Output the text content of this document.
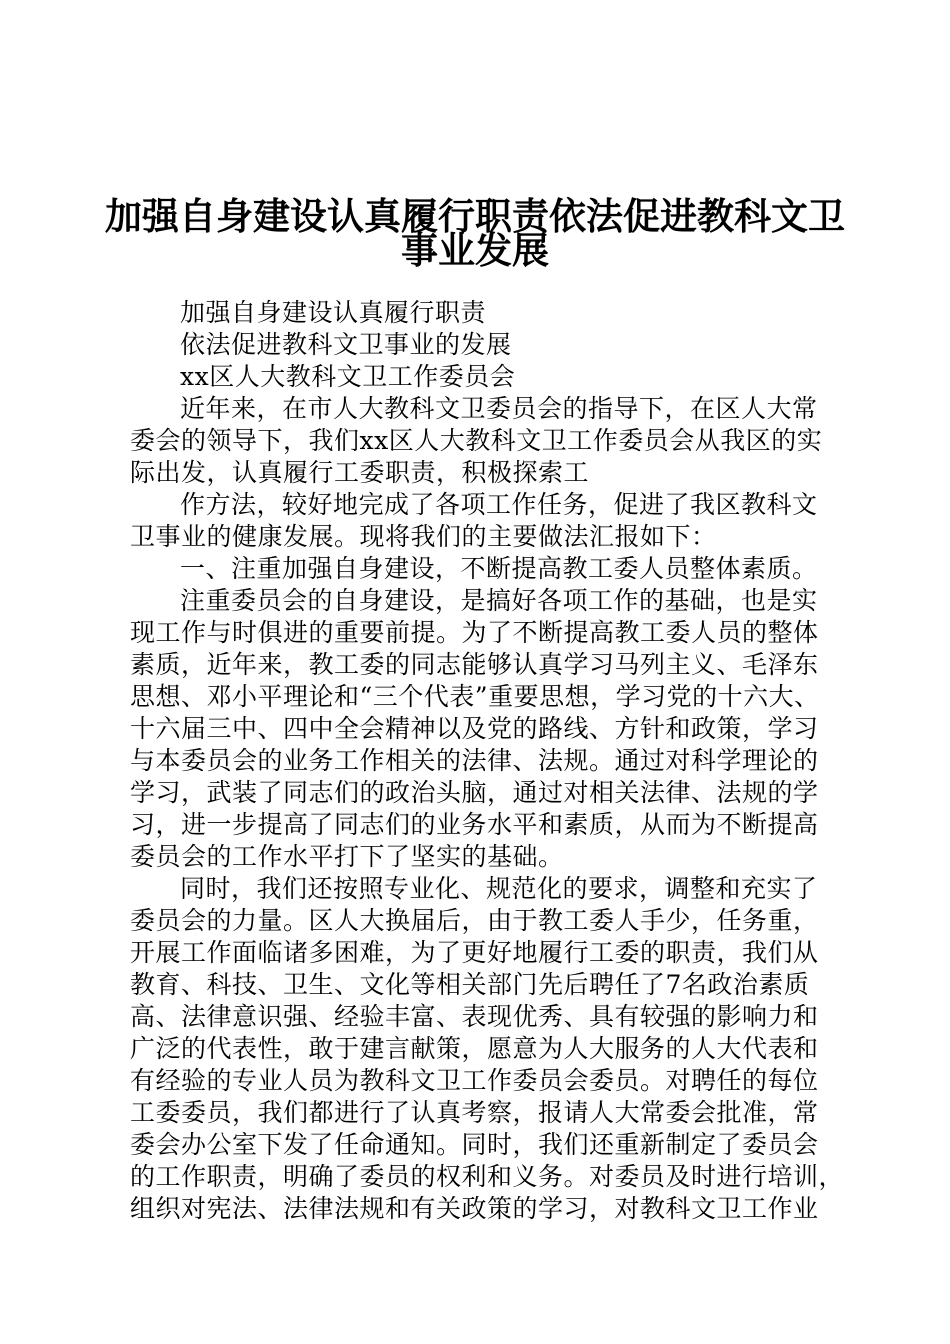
加强自身建设认真履行职责依法促进教科文卫
事业发展

加强自身建设认真履行职责

依法促进教科文卫事业的发展

xx区人大教科文卫工作委员会

近年来，在市人大教科文卫委员会的指导下，在区人大常

委会的领导下，我们xx区人大教科文卫工作委员会从我区的实

际出发，认真履行工委职责，积极探索工

作方法，较好地完成了各项工作任务，促进了我区教科文

卫事业的健康发展。现将我们的主要做法汇报如下：

一、注重加强自身建设，不断提高教工委人员整体素质。

注重委员会的自身建设，是搞好各项工作的基础，也是实

现工作与时俱进的重要前提。为了不断提高教工委人员的整体

素质，近年来，教工委的同志能够认真学习马列主义、毛泽东

思想、邓小平理论和“三个代表”重要思想，学习党的十六大、

十六届三中、四中全会精神以及党的路线、方针和政策，学习

与本委员会的业务工作相关的法律、法规。通过对科学理论的

学习，武装了同志们的政治头脑，通过对相关法律、法规的学

习，进一步提高了同志们的业务水平和素质，从而为不断提高

委员会的工作水平打下了坚实的基础。

同时，我们还按照专业化、规范化的要求，调整和充实了

委员会的力量。区人大换届后，由于教工委人手少，任务重，

开展工作面临诸多困难，为了更好地履行工委的职责，我们从

教育、科技、卫生、文化等相关部门先后聘任了7名政治素质

高、法律意识强、经验丰富、表现优秀、具有较强的影响力和

广泛的代表性，敢于建言献策，愿意为人大服务的人大代表和

有经验的专业人员为教科文卫工作委员会委员。对聘任的每位

工委委员，我们都进行了认真考察，报请人大常委会批准，常

委会办公室下发了任命通知。同时，我们还重新制定了委员会

的工作职责，明确了委员的权利和义务。对委员及时进行培训，

组织对宪法、法律法规和有关政策的学习，对教科文卫工作业
